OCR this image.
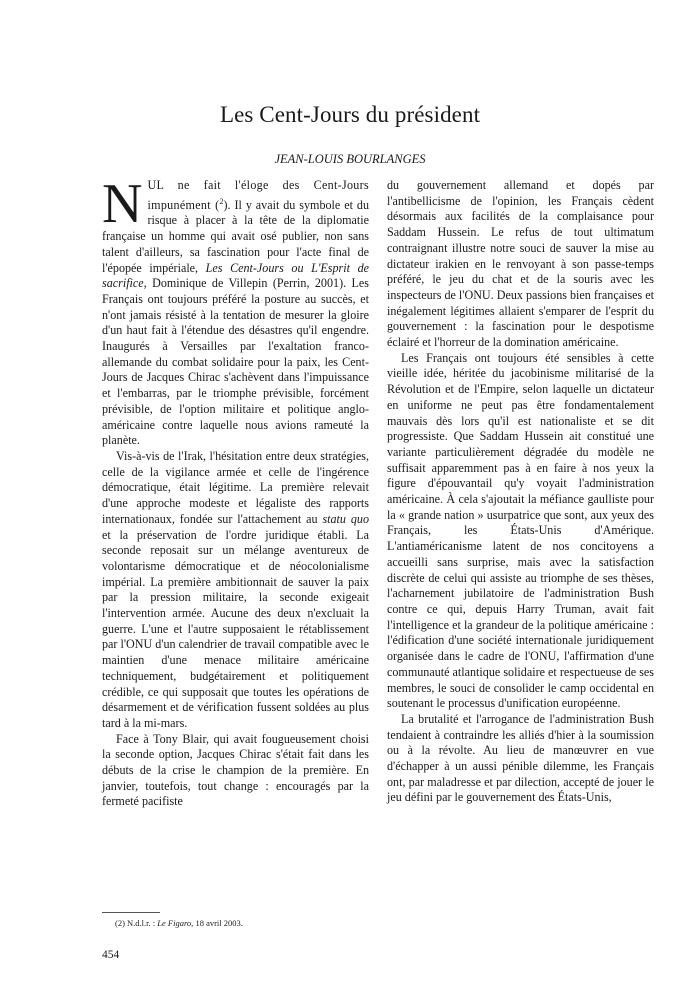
Les Cent-Jours du président

JEAN-LOUIS BOURLANGES

NUL ne fait l'éloge des Cent-Jours impunément ($^2$). Il y avait du symbole et du risque à placer à la tête de la diplomatie française un homme qui avait osé publier, non sans talent d'ailleurs, sa fascination pour l'acte final de l'épopée impériale, Les Cent-Jours ou L'Esprit de sacrifice, Dominique de Villepin (Perrin, 2001). Les Français ont toujours préféré la posture au succès, et n'ont jamais résisté à la tentation de mesurer la gloire d'un haut fait à l'étendue des désastres qu'il engendre. Inaugurés à Versailles par l'exaltation franco-allemande du combat solidaire pour la paix, les Cent-Jours de Jacques Chirac s'achèvent dans l'impuissance et l'embarras, par le triomphe prévisible, forcément prévisible, de l'option militaire et politique anglo-américaine contre laquelle nous avions rameuté la planète.

Vis-à-vis de l'Irak, l'hésitation entre deux stratégies, celle de la vigilance armée et celle de l'ingérence démocratique, était légitime. La première relevait d'une approche modeste et légaliste des rapports internationaux, fondée sur l'attachement au statu quo et la préservation de l'ordre juridique établi. La seconde reposait sur un mélange aventureux de volontarisme démocratique et de néocolonialisme impérial. La première ambitionnait de sauver la paix par la pression militaire, la seconde exigeait l'intervention armée. Aucune des deux n'excluait la guerre. L'une et l'autre supposaient le rétablissement par l'ONU d'un calendrier de travail compatible avec le maintien d'une menace militaire américaine techniquement, budgétairement et politiquement crédible, ce qui supposait que toutes les opérations de désarmement et de vérification fussent soldées au plus tard à la mi-mars.

Face à Tony Blair, qui avait fougueusement choisi la seconde option, Jacques Chirac s'était fait dans les débuts de la crise le champion de la première. En janvier, toutefois, tout change : encouragés par la fermeté pacifiste

du gouvernement allemand et dopés par l'antibellicisme de l'opinion, les Français cèdent désormais aux facilités de la complaisance pour Saddam Hussein. Le refus de tout ultimatum contraignant illustre notre souci de sauver la mise au dictateur irakien en le renvoyant à son passe-temps préféré, le jeu du chat et de la souris avec les inspecteurs de l'ONU. Deux passions bien françaises et inégalement légitimes allaient s'emparer de l'esprit du gouvernement : la fascination pour le despotisme éclairé et l'horreur de la domination américaine.

Les Français ont toujours été sensibles à cette vieille idée, héritée du jacobinisme militarisé de la Révolution et de l'Empire, selon laquelle un dictateur en uniforme ne peut pas être fondamentalement mauvais dès lors qu'il est nationaliste et se dit progressiste. Que Saddam Hussein ait constitué une variante particulièrement dégradée du modèle ne suffisait apparemment pas à en faire à nos yeux la figure d'épouvantail qu'y voyait l'administration américaine. À cela s'ajoutait la méfiance gaulliste pour la « grande nation » usurpatrice que sont, aux yeux des Français, les États-Unis d'Amérique. L'antiaméricanisme latent de nos concitoyens a accueilli sans surprise, mais avec la satisfaction discrète de celui qui assiste au triomphe de ses thèses, l'acharnement jubilatoire de l'administration Bush contre ce qui, depuis Harry Truman, avait fait l'intelligence et la grandeur de la politique américaine : l'édification d'une société internationale juridiquement organisée dans le cadre de l'ONU, l'affirmation d'une communauté atlantique solidaire et respectueuse de ses membres, le souci de consolider le camp occidental en soutenant le processus d'unification européenne.

La brutalité et l'arrogance de l'administration Bush tendaient à contraindre les alliés d'hier à la soumission ou à la révolte. Au lieu de manœuvrer en vue d'échapper à un aussi pénible dilemme, les Français ont, par maladresse et par dilection, accepté de jouer le jeu défini par le gouvernement des États-Unis,

(2) N.d.l.r. : Le Figaro, 18 avril 2003.

454
